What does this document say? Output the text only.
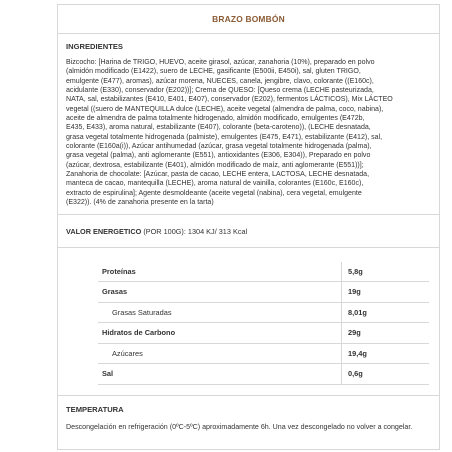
BRAZO BOMBÓN
INGREDIENTES
Bizcocho: [Harina de TRIGO, HUEVO, aceite girasol, azúcar, zanahoria (10%), preparado en polvo
(almidón modificado (E1422), suero de LECHE, gasificante (E500ii, E450i), sal, gluten TRIGO,
emulgente (E477), aromas), azúcar morena, NUECES, canela, jengibre, clavo, colorante ((E160c),
acidulante (E330), conservador (E202))]; Crema de QUESO: [Queso crema (LECHE pasteurizada,
NATA, sal, estabilizantes (E410, E401, E407), conservador (E202), fermentos LÁCTICOS), Mix LÁCTEO
vegetal ((suero de MANTEQUILLA dulce (LECHE), aceite vegetal (almendra de palma, coco, nabina),
aceite de almendra de palma totalmente hidrogenado, almidón modificado, emulgentes (E472b,
E435, E433), aroma natural, estabilizante (E407), colorante (beta-caroteno)), (LECHE desnatada,
grasa vegetal totalmente hidrogenada (palmiste), emulgentes (E475, E471), estabilizante (E412), sal,
colorante (E160a(i)), Azúcar antihumedad (azúcar, grasa vegetal totalmente hidrogenada (palma),
grasa vegetal (palma), anti aglomerante (E551), antioxidantes (E306, E304)), Preparado en polvo
(azúcar, dextrosa, estabilizante (E401), almidón modificado de maíz, anti aglomerante (E551))];
Zanahoria de chocolate: [Azúcar, pasta de cacao, LECHE entera, LACTOSA, LECHE desnatada,
manteca de cacao, mantequilla (LECHE), aroma natural de vainilla, colorantes (E160c, E160c),
extracto de espirulina]; Agente desmoldeante (aceite vegetal (nabina), cera vegetal, emulgente
(E322)). (4% de zanahoria presente en la tarta)
VALOR ENERGETICO (POR 100G): 1304 KJ/ 313 Kcal
Proteínas		5,8g
Grasas		19g
Grasas Saturadas		8,01g
Hidratos de Carbono		29g
Azúcares		19,4g
Sal		0,6g
TEMPERATURA
Descongelación en refrigeración (0ºC-5ºC) aproximadamente 6h. Una vez descongelado no volver a congelar.
